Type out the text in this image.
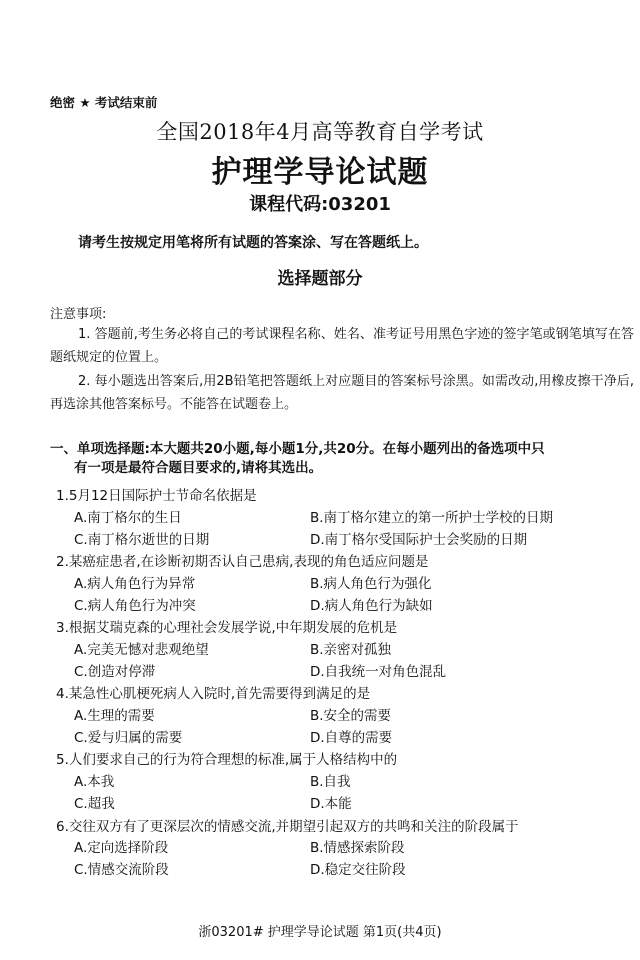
绝密 ★ 考试结束前
全国2018年4月高等教育自学考试
护理学导论试题
课程代码:03201
请考生按规定用笔将所有试题的答案涂、写在答题纸上。
选择题部分
注意事项:
1. 答题前,考生务必将自己的考试课程名称、姓名、准考证号用黑色字迹的签字笔或钢笔填写在答题纸规定的位置上。
2. 每小题选出答案后,用2B铅笔把答题纸上对应题目的答案标号涂黑。如需改动,用橡皮擦干净后,再选涂其他答案标号。不能答在试题卷上。
一、单项选择题:本大题共20小题,每小题1分,共20分。在每小题列出的备选项中只
有一项是最符合题目要求的,请将其选出。
1.5月12日国际护士节命名依据是
A.南丁格尔的生日	B.南丁格尔建立的第一所护士学校的日期
C.南丁格尔逝世的日期	D.南丁格尔受国际护士会奖励的日期
2.某癌症患者,在诊断初期否认自己患病,表现的角色适应问题是
A.病人角色行为异常	B.病人角色行为强化
C.病人角色行为冲突	D.病人角色行为缺如
3.根据艾瑞克森的心理社会发展学说,中年期发展的危机是
A.完美无憾对悲观绝望	B.亲密对孤独
C.创造对停滞	D.自我统一对角色混乱
4.某急性心肌梗死病人入院时,首先需要得到满足的是
A.生理的需要	B.安全的需要
C.爱与归属的需要	D.自尊的需要
5.人们要求自己的行为符合理想的标准,属于人格结构中的
A.本我	B.自我
C.超我	D.本能
6.交往双方有了更深层次的情感交流,并期望引起双方的共鸣和关注的阶段属于
A.定向选择阶段	B.情感探索阶段
C.情感交流阶段	D.稳定交往阶段
浙03201# 护理学导论试题 第1页(共4页)
